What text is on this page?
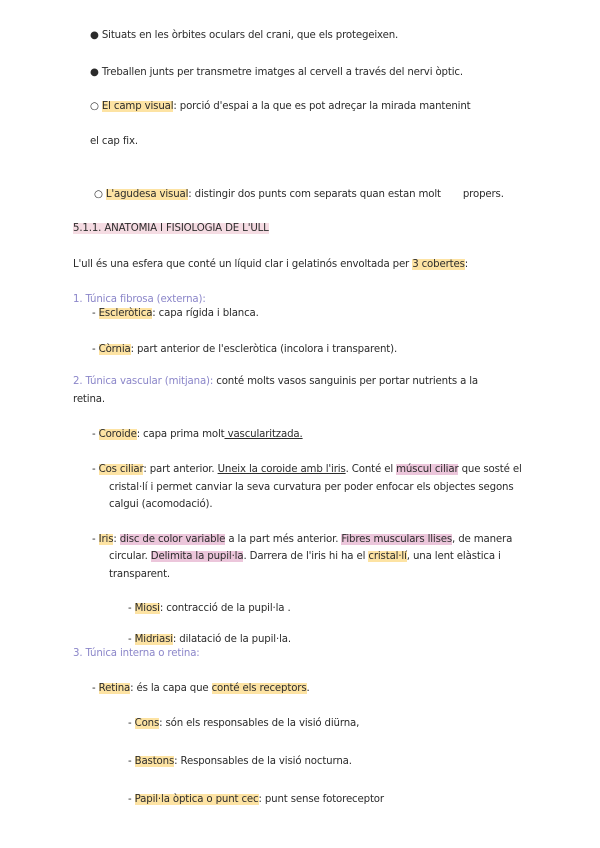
● Situats en les òrbites oculars del crani, que els protegeixen.
● Treballen junts per transmetre imatges al cervell a través del nervi òptic.
○ El camp visual: porció d'espai a la que es pot adreçar la mirada mantenint
el cap fix.
○ L'agudesa visual: distingir dos punts com separats quan estan molt propers.
5.1.1. ANATOMIA I FISIOLOGIA DE L'ULL
L'ull és una esfera que conté un líquid clar i gelatinós envoltada per 3 cobertes:
1. Túnica fibrosa (externa):
- Escleròtica: capa rígida i blanca.
- Còrnia: part anterior de l'escleròtica (incolora i transparent).
2. Túnica vascular (mitjana): conté molts vasos sanguinis per portar nutrients a la
retina.
- Coroide: capa prima molt vascularitzada.
- Cos ciliar: part anterior. Uneix la coroide amb l'iris. Conté el múscul ciliar que sosté el
cristal·lí i permet canviar la seva curvatura per poder enfocar els objectes segons
calgui (acomodació).
- Iris: disc de color variable a la part més anterior. Fibres musculars llises, de manera
circular. Delimita la pupil·la. Darrera de l'iris hi ha el cristal·lí, una lent elàstica i
transparent.
- Miosi: contracció de la pupil·la .
- Midriasi: dilatació de la pupil·la.
3. Túnica interna o retina:
- Retina: és la capa que conté els receptors.
- Cons: són els responsables de la visió diürna,
- Bastons: Responsables de la visió nocturna.
- Papil·la òptica o punt cec: punt sense fotoreceptor
